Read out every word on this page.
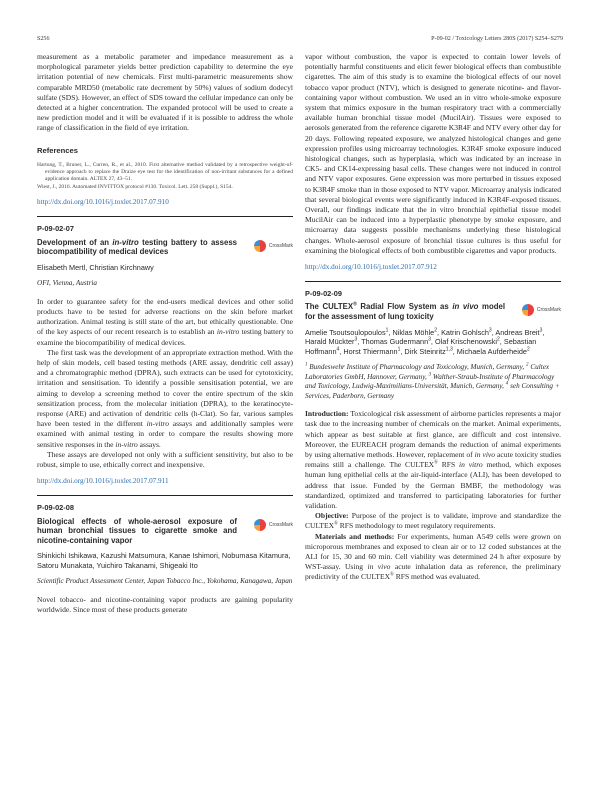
S256	P-09-02 / Toxicology Letters 280S (2017) S254–S279

measurement as a metabolic parameter and impedance measurement as a morphological parameter yields better prediction capability to determine the eye irritation potential of new chemicals. First multi-parametric measurements show comparable MRD50 (metabolic rate decrement by 50%) values of sodium dodecyl sulfate (SDS). However, an effect of SDS toward the cellular impedance can only be detected at a higher concentration. The expanded protocol will be used to create a new prediction model and it will be evaluated if it is possible to address the whole range of classification in the field of eye irritation.

References

Hartung, T., Bruner, L., Curren, R., et al., 2010. First alternative method validated by a retrospective weight-of-evidence approach to replace the Draize eye test for the identification of non-irritant substances for a defined application domain. ALTEX 27, 43–51.

Wiest, J., 2016. Automated INVITTOX protocol #130. Toxicol. Lett. 258 (Suppl.), S154.

http://dx.doi.org/10.1016/j.toxlet.2017.07.910
P-09-02-07
Development of an in-vitro testing battery to assess biocompatibility of medical devices
CrossMark
Elisabeth Mertl, Christian Kirchnawy
OFI, Vienna, Austria

In order to guarantee safety for the end-users medical devices and other solid products have to be tested for adverse reactions on the skin before market authorization. Animal testing is still state of the art, but ethically questionable. One of the key aspects of our recent research is to establish an in-vitro testing battery to examine the biocompatibility of medical devices.

The first task was the development of an appropriate extraction method. With the help of skin models, cell based testing methods (ARE assay, dendritic cell assay) and a chromatographic method (DPRA), such extracts can be used for cytotoxicity, irritation and sensitisation. To identify a possible sensitisation potential, we are aiming to develop a screening method to cover the entire spectrum of the skin sensitization process, from the molecular initiation (DPRA), to the keratinocyte-response (ARE) and activation of dendritic cells (h-Clat). So far, various samples have been tested in the different in-vitro assays and additionally samples were examined with animal testing in order to compare the results showing more sensitive responses in the in-vitro assays.

These assays are developed not only with a sufficient sensitivity, but also to be robust, simple to use, ethically correct and inexpensive.

http://dx.doi.org/10.1016/j.toxlet.2017.07.911
P-09-02-08
Biological effects of whole-aerosol exposure of human bronchial tissues to cigarette smoke and nicotine-containing vapor
CrossMark
Shinkichi Ishikawa, Kazushi Matsumura, Kanae Ishimori, Nobumasa Kitamura, Satoru Munakata, Yuichiro Takanami, Shigeaki Ito
Scientific Product Assessment Center, Japan Tobacco Inc., Yokohama, Kanagawa, Japan

Novel tobacco- and nicotine-containing vapor products are gaining popularity worldwide. Since most of these products generate

vapor without combustion, the vapor is expected to contain lower levels of potentially harmful constituents and elicit fewer biological effects than combustible cigarettes. The aim of this study is to examine the biological effects of our novel tobacco vapor product (NTV), which is designed to generate nicotine- and flavor-containing vapor without combustion. We used an in vitro whole-smoke exposure system that mimics exposure in the human respiratory tract with a commercially available human bronchial tissue model (MucilAir). Tissues were exposed to aerosols generated from the reference cigarette K3R4F and NTV every other day for 20 days. Following repeated exposure, we analyzed histological changes and gene expression profiles using microarray technologies. K3R4F smoke exposure induced histological changes, such as hyperplasia, which was indicated by an increase in CK5- and CK14-expressing basal cells. These changes were not induced in control and NTV vapor exposures. Gene expression was more perturbed in tissues exposed to K3R4F smoke than in those exposed to NTV vapor. Microarray analysis indicated that several biological events were significantly induced in K3R4F-exposed tissues. Overall, our findings indicate that the in vitro bronchial epithelial tissue model MucilAir can be induced into a hyperplastic phenotype by smoke exposure, and microarray data suggests possible mechanisms underlying these histological changes. Whole-aerosol exposure of bronchial tissue cultures is thus useful for examining the biological effects of both combustible cigarettes and vapor products.

http://dx.doi.org/10.1016/j.toxlet.2017.07.912
P-09-02-09
The CULTEX® Radial Flow System as in vivo model for the assessment of lung toxicity
CrossMark
Amelie Tsoutsoulopoulos$^1$, Niklas Möhle$^2$, Katrin Gohlsch$^3$, Andreas Breit$^3$, Harald Mückter$^3$, Thomas Gudermann$^3$, Olaf Krischenowski$^2$, Sebastian Hoffmann$^4$, Horst Thiermann$^1$, Dirk Steinritz$^{1,3}$, Michaela Aufderheide$^2$
$^1$ Bundeswehr Institute of Pharmacology and Toxicology, Munich, Germany, $^2$ Cultex Laboratories GmbH, Hannover, Germany, $^3$ Walther-Straub-Institute of Pharmacology and Toxicology, Ludwig-Maximilians-Universität, Munich, Germany, $^4$ seh Consulting + Services, Paderborn, Germany

Introduction: Toxicological risk assessment of airborne particles represents a major task due to the increasing number of chemicals on the market. Animal experiments, which appear as best suitable at first glance, are difficult and cost intensive. Moreover, the EUREACH program demands the reduction of animal experiments by using alternative methods. However, replacement of in vivo acute toxicity studies remains still a challenge. The CULTEX® RFS in vitro method, which exposes human lung epithelial cells at the air-liquid-interface (ALI), has been developed to address that issue. Funded by the German BMBF, the methodology was standardized, optimized and transferred to participating laboratories for further validation.

Objective: Purpose of the project is to validate, improve and standardize the CULTEX® RFS methodology to meet regulatory requirements.

Materials and methods: For experiments, human A549 cells were grown on microporous membranes and exposed to clean air or to 12 coded substances at the ALI for 15, 30 and 60 min. Cell viability was determined 24 h after exposure by WST-assay. Using in vivo acute inhalation data as reference, the preliminary predictivity of the CULTEX® RFS method was evaluated.
